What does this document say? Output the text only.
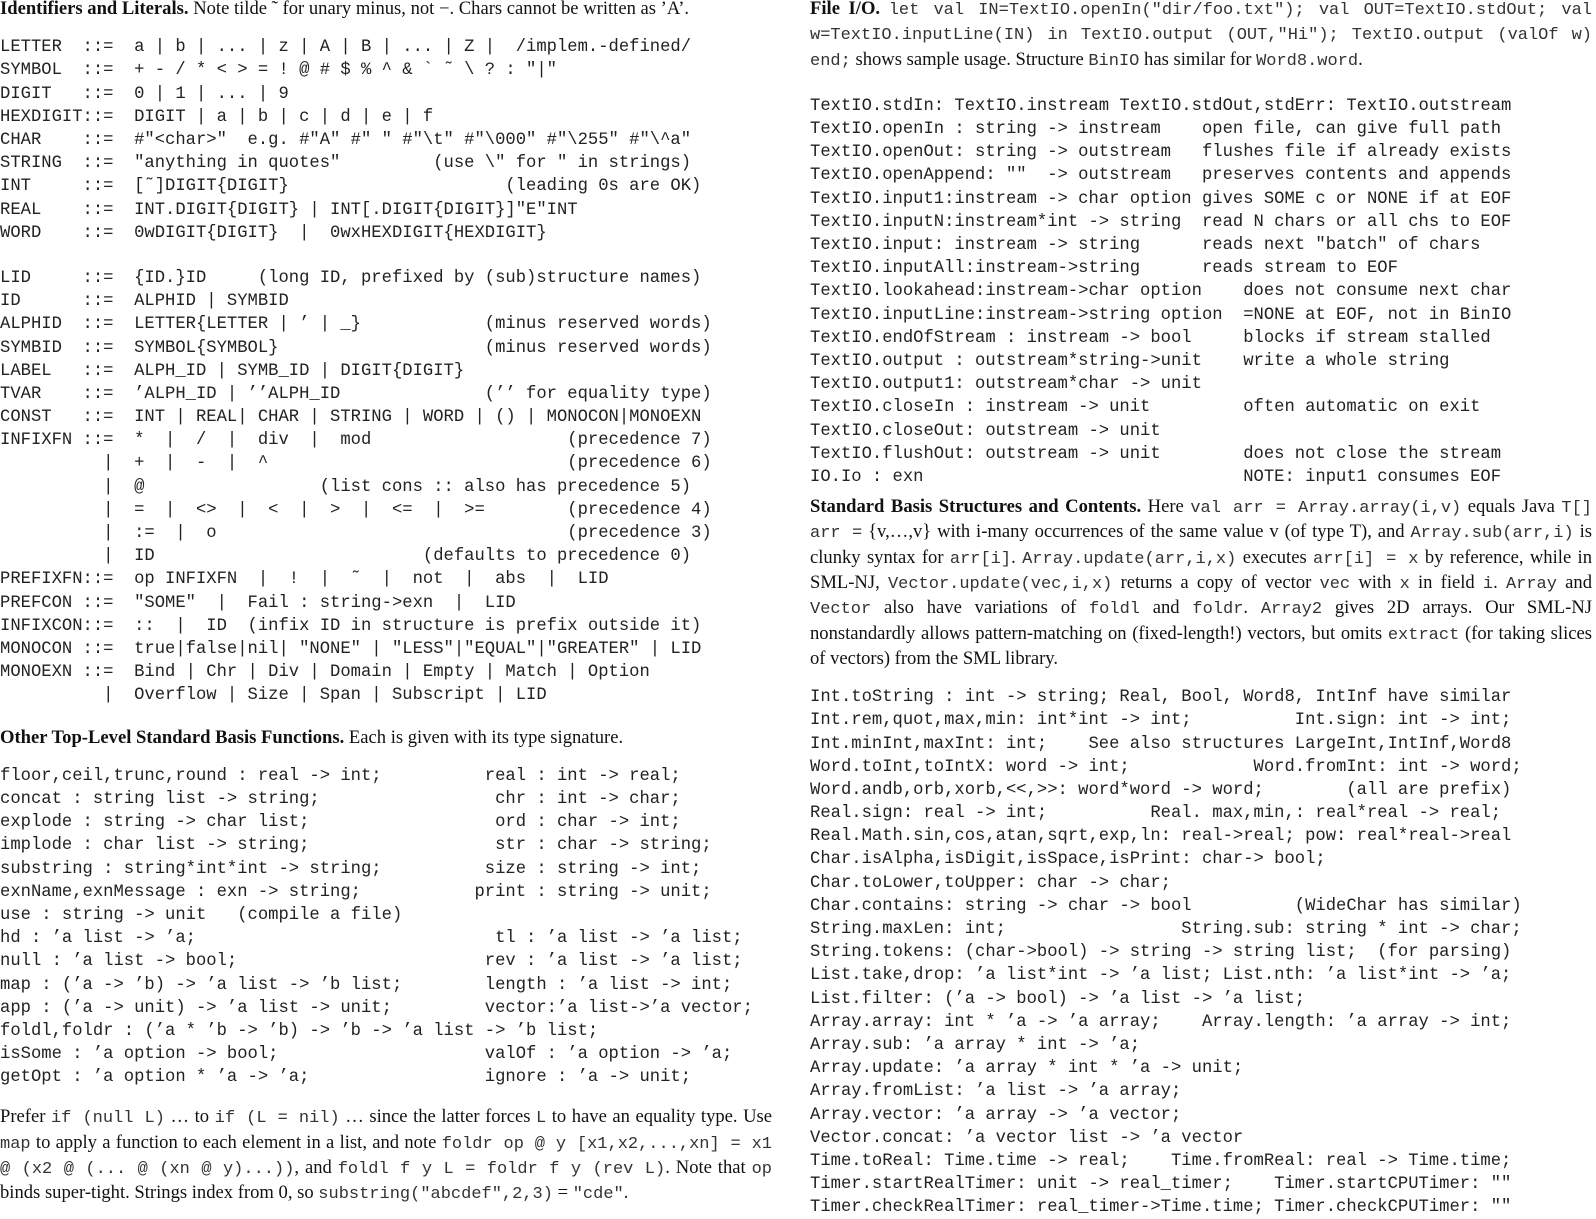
Identifiers and Literals. Note tilde ˜ for unary minus, not −. Chars cannot be written as ’A’.

LETTER  ::=  a | b | ... | z | A | B | ... | Z |  /implem.-defined/
SYMBOL  ::=  + - / * < > = ! @ # $ % ^ & ` ˜ \ ? : "|"
DIGIT   ::=  0 | 1 | ... | 9
HEXDIGIT::=  DIGIT | a | b | c | d | e | f
CHAR    ::=  #"<char>"  e.g. #"A" #" " #"\t" #"\000" #"\255" #"\^a"
STRING  ::=  "anything in quotes"         (use \" for " in strings)
INT     ::=  [˜]DIGIT{DIGIT}                     (leading 0s are OK)
REAL    ::=  INT.DIGIT{DIGIT} | INT[.DIGIT{DIGIT}]"E"INT
WORD    ::=  0wDIGIT{DIGIT}  |  0wxHEXDIGIT{HEXDIGIT}
LID     ::=  {ID.}ID     (long ID, prefixed by (sub)structure names)
ID      ::=  ALPHID | SYMBID
ALPHID  ::=  LETTER{LETTER | ’ | _}            (minus reserved words)
SYMBID  ::=  SYMBOL{SYMBOL}                    (minus reserved words)
LABEL   ::=  ALPH_ID | SYMB_ID | DIGIT{DIGIT}
TVAR    ::=  ’ALPH_ID | ’’ALPH_ID              (’’ for equality type)
CONST   ::=  INT | REAL| CHAR | STRING | WORD | () | MONOCON|MONOEXN
INFIXFN ::=  *  |  /  |  div  |  mod                   (precedence 7)
|  +  |  -  |  ^                             (precedence 6)
|  @                 (list cons :: also has precedence 5)
|  =  |  <>  |  <  |  >  |  <=  |  >=        (precedence 4)
|  :=  |  o                                  (precedence 3)
|  ID                          (defaults to precedence 0)
PREFIXFN::=  op INFIXFN  |  !  |  ˜  |  not  |  abs  |  LID
PREFCON ::=  "SOME"  |  Fail : string->exn  |  LID
INFIXCON::=  ::  |  ID  (infix ID in structure is prefix outside it)
MONOCON ::=  true|false|nil| "NONE" | "LESS"|"EQUAL"|"GREATER" | LID
MONOEXN ::=  Bind | Chr | Div | Domain | Empty | Match | Option
|  Overflow | Size | Span | Subscript | LID

Other Top-Level Standard Basis Functions. Each is given with its type signature.

floor,ceil,trunc,round : real -> int;          real : int -> real;
concat : string list -> string;                 chr : int -> char;
explode : string -> char list;                  ord : char -> int;
implode : char list -> string;                  str : char -> string;
substring : string*int*int -> string;          size : string -> int;
exnName,exnMessage : exn -> string;           print : string -> unit;
use : string -> unit   (compile a file)
hd : ’a list -> ’a;                             tl : ’a list -> ’a list;
null : ’a list -> bool;                        rev : ’a list -> ’a list;
map : (’a -> ’b) -> ’a list -> ’b list;        length : ’a list -> int;
app : (’a -> unit) -> ’a list -> unit;         vector:’a list->’a vector;
foldl,foldr : (’a * ’b -> ’b) -> ’b -> ’a list -> ’b list;
isSome : ’a option -> bool;                    valOf : ’a option -> ’a;
getOpt : ’a option * ’a -> ’a;                 ignore : ’a -> unit;

Prefer if (null L) … to if (L = nil) … since the latter forces L to have an equality type. Use map to apply a function to each element in a list, and note foldr op @ y [x1,x2,...,xn] = x1 @ (x2 @ (... @ (xn @ y)...)), and foldl f y L = foldr f y (rev L). Note that op binds super-tight. Strings index from 0, so substring("abcdef",2,3) = "cde".

File I/O. let val IN=TextIO.openIn("dir/foo.txt"); val OUT=TextIO.stdOut; val w=TextIO.inputLine(IN) in TextIO.output (OUT,"Hi"); TextIO.output (valOf w) end; shows sample usage. Structure BinIO has similar for Word8.word.

TextIO.stdIn: TextIO.instream TextIO.stdOut,stdErr: TextIO.outstream
TextIO.openIn : string -> instream    open file, can give full path
TextIO.openOut: string -> outstream   flushes file if already exists
TextIO.openAppend: ""  -> outstream   preserves contents and appends
TextIO.input1:instream -> char option gives SOME c or NONE if at EOF
TextIO.inputN:instream*int -> string  read N chars or all chs to EOF
TextIO.input: instream -> string      reads next "batch" of chars
TextIO.inputAll:instream->string      reads stream to EOF
TextIO.lookahead:instream->char option    does not consume next char
TextIO.inputLine:instream->string option  =NONE at EOF, not in BinIO
TextIO.endOfStream : instream -> bool     blocks if stream stalled
TextIO.output : outstream*string->unit    write a whole string
TextIO.output1: outstream*char -> unit
TextIO.closeIn : instream -> unit         often automatic on exit
TextIO.closeOut: outstream -> unit
TextIO.flushOut: outstream -> unit        does not close the stream
IO.Io : exn                               NOTE: input1 consumes EOF

Standard Basis Structures and Contents. Here val arr = Array.array(i,v) equals Java T[] arr = {v,…,v} with i-many occurrences of the same value v (of type T), and Array.sub(arr,i) is clunky syntax for arr[i]. Array.update(arr,i,x) executes arr[i] = x by reference, while in SML-NJ, Vector.update(vec,i,x) returns a copy of vector vec with x in field i. Array and Vector also have variations of foldl and foldr. Array2 gives 2D arrays. Our SML-NJ nonstandardly allows pattern-matching on (fixed-length!) vectors, but omits extract (for taking slices of vectors) from the SML library.

Int.toString : int -> string; Real, Bool, Word8, IntInf have similar
Int.rem,quot,max,min: int*int -> int;          Int.sign: int -> int;
Int.minInt,maxInt: int;    See also structures LargeInt,IntInf,Word8
Word.toInt,toIntX: word -> int;            Word.fromInt: int -> word;
Word.andb,orb,xorb,<<,>>: word*word -> word;        (all are prefix)
Real.sign: real -> int;          Real. max,min,: real*real -> real;
Real.Math.sin,cos,atan,sqrt,exp,ln: real->real; pow: real*real->real
Char.isAlpha,isDigit,isSpace,isPrint: char-> bool;
Char.toLower,toUpper: char -> char;
Char.contains: string -> char -> bool          (WideChar has similar)
String.maxLen: int;                 String.sub: string * int -> char;
String.tokens: (char->bool) -> string -> string list;  (for parsing)
List.take,drop: ’a list*int -> ’a list; List.nth: ’a list*int -> ’a;
List.filter: (’a -> bool) -> ’a list -> ’a list;
Array.array: int * ’a -> ’a array;    Array.length: ’a array -> int;
Array.sub: ’a array * int -> ’a;
Array.update: ’a array * int * ’a -> unit;
Array.fromList: ’a list -> ’a array;
Array.vector: ’a array -> ’a vector;
Vector.concat: ’a vector list -> ’a vector
Time.toReal: Time.time -> real;    Time.fromReal: real -> Time.time;
Timer.startRealTimer: unit -> real_timer;    Timer.startCPUTimer: ""
Timer.checkRealTimer: real_timer->Time.time; Timer.checkCPUTimer: ""
